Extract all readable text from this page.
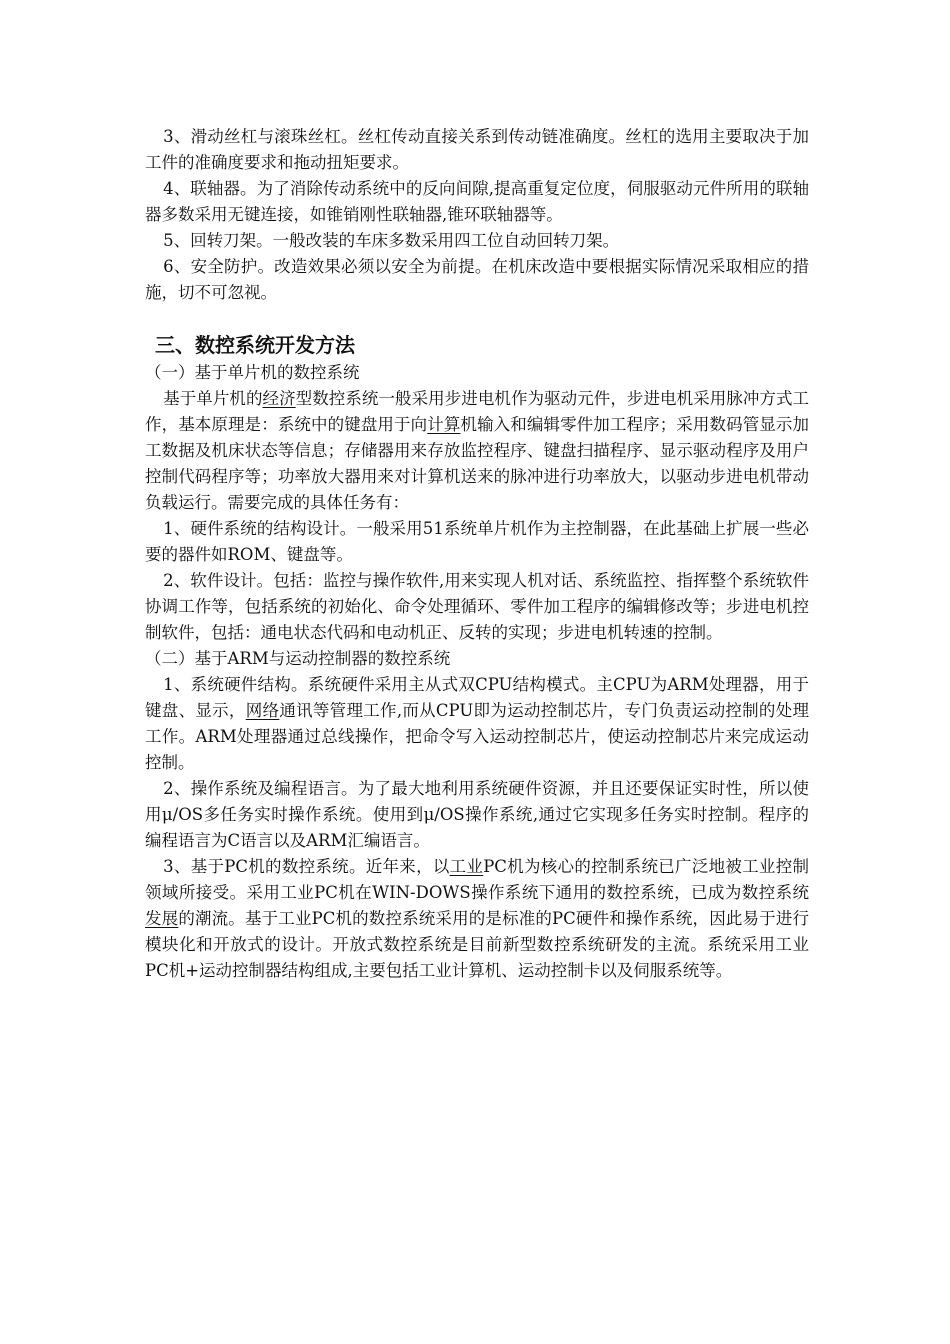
3、滑动丝杠与滚珠丝杠。丝杠传动直接关系到传动链准确度。丝杠的选用主要取决于加工件的准确度要求和拖动扭矩要求。

4、联轴器。为了消除传动系统中的反向间隙,提高重复定位度，伺服驱动元件所用的联轴器多数采用无键连接，如锥销刚性联轴器,锥环联轴器等。

5、回转刀架。一般改装的车床多数采用四工位自动回转刀架。

6、安全防护。改造效果必须以安全为前提。在机床改造中要根据实际情况采取相应的措施，切不可忽视。

三、数控系统开发方法

（一）基于单片机的数控系统

基于单片机的经济型数控系统一般采用步进电机作为驱动元件，步进电机采用脉冲方式工作，基本原理是：系统中的键盘用于向计算机输入和编辑零件加工程序；采用数码管显示加工数据及机床状态等信息；存储器用来存放监控程序、键盘扫描程序、显示驱动程序及用户控制代码程序等；功率放大器用来对计算机送来的脉冲进行功率放大，以驱动步进电机带动负载运行。需要完成的具体任务有：

1、硬件系统的结构设计。一般采用51系统单片机作为主控制器，在此基础上扩展一些必要的器件如ROM、键盘等。

2、软件设计。包括：监控与操作软件,用来实现人机对话、系统监控、指挥整个系统软件协调工作等，包括系统的初始化、命令处理循环、零件加工程序的编辑修改等；步进电机控制软件，包括：通电状态代码和电动机正、反转的实现；步进电机转速的控制。

（二）基于ARM与运动控制器的数控系统

1、系统硬件结构。系统硬件采用主从式双CPU结构模式。主CPU为ARM处理器，用于键盘、显示，网络通讯等管理工作,而从CPU即为运动控制芯片，专门负责运动控制的处理工作。ARM处理器通过总线操作，把命令写入运动控制芯片，使运动控制芯片来完成运动控制。

2、操作系统及编程语言。为了最大地利用系统硬件资源，并且还要保证实时性，所以使用μ/OS多任务实时操作系统。使用到μ/OS操作系统,通过它实现多任务实时控制。程序的编程语言为C语言以及ARM汇编语言。

3、基于PC机的数控系统。近年来，以工业PC机为核心的控制系统已广泛地被工业控制领域所接受。采用工业PC机在WIN-DOWS操作系统下通用的数控系统，已成为数控系统发展的潮流。基于工业PC机的数控系统采用的是标准的PC硬件和操作系统，因此易于进行模块化和开放式的设计。开放式数控系统是目前新型数控系统研发的主流。系统采用工业PC机+运动控制器结构组成,主要包括工业计算机、运动控制卡以及伺服系统等。
